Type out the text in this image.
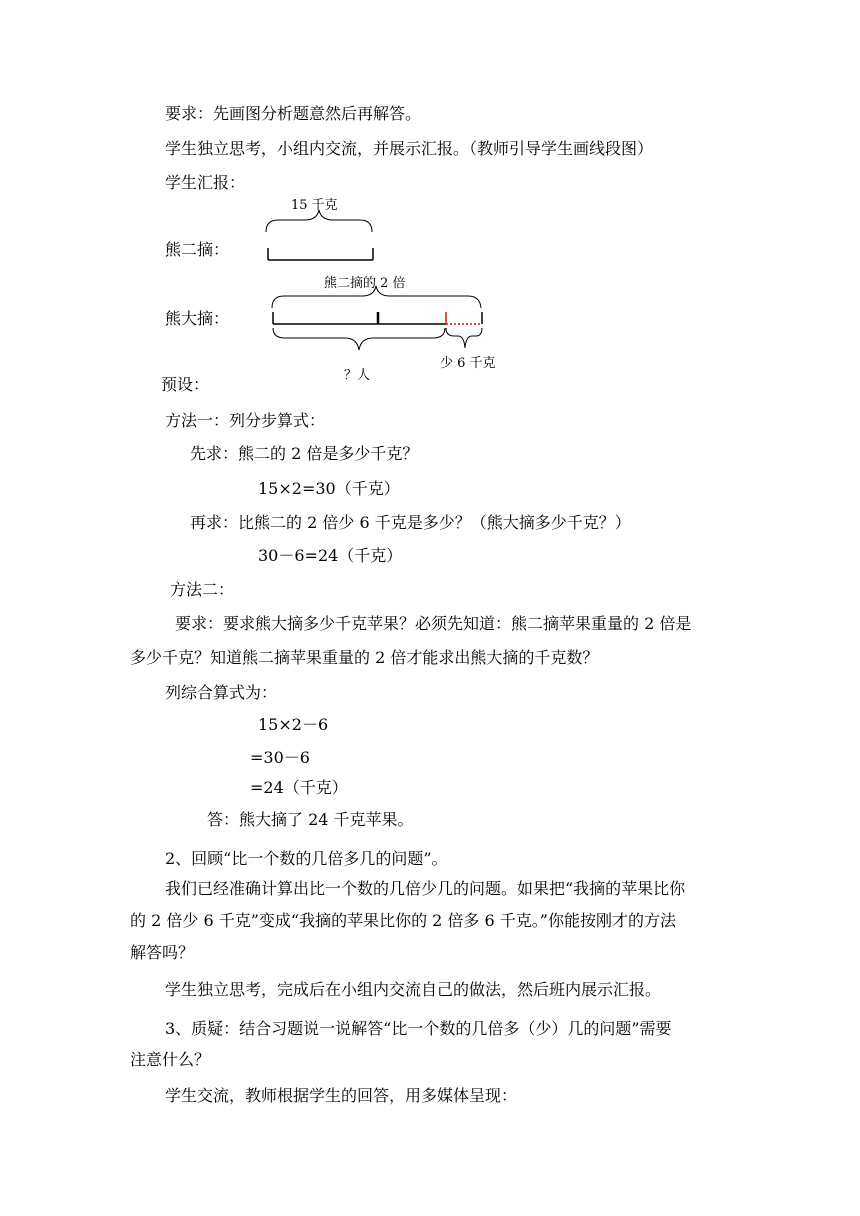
要求：先画图分析题意然后再解答。
学生独立思考，小组内交流，并展示汇报。（教师引导学生画线段图）
学生汇报：
15 千克
熊二摘：
熊二摘的 2 倍
熊大摘：
少 6 千克
？人
预设：
方法一：列分步算式：
先求：熊二的 2 倍是多少千克？
15×2=30（千克）
再求：比熊二的 2 倍少 6 千克是多少？（熊大摘多少千克？）
30－6=24（千克）
方法二：
要求：要求熊大摘多少千克苹果？必须先知道：熊二摘苹果重量的 2 倍是
多少千克？知道熊二摘苹果重量的 2 倍才能求出熊大摘的千克数？
列综合算式为：
15×2－6
=30－6
=24（千克）
答：熊大摘了 24 千克苹果。
2、回顾“比一个数的几倍多几的问题”。
我们已经准确计算出比一个数的几倍少几的问题。如果把“我摘的苹果比你
的 2 倍少 6 千克”变成“我摘的苹果比你的 2 倍多 6 千克。”你能按刚才的方法
解答吗？
学生独立思考，完成后在小组内交流自己的做法，然后班内展示汇报。
3、质疑：结合习题说一说解答“比一个数的几倍多（少）几的问题”需要
注意什么？
学生交流，教师根据学生的回答，用多媒体呈现：
